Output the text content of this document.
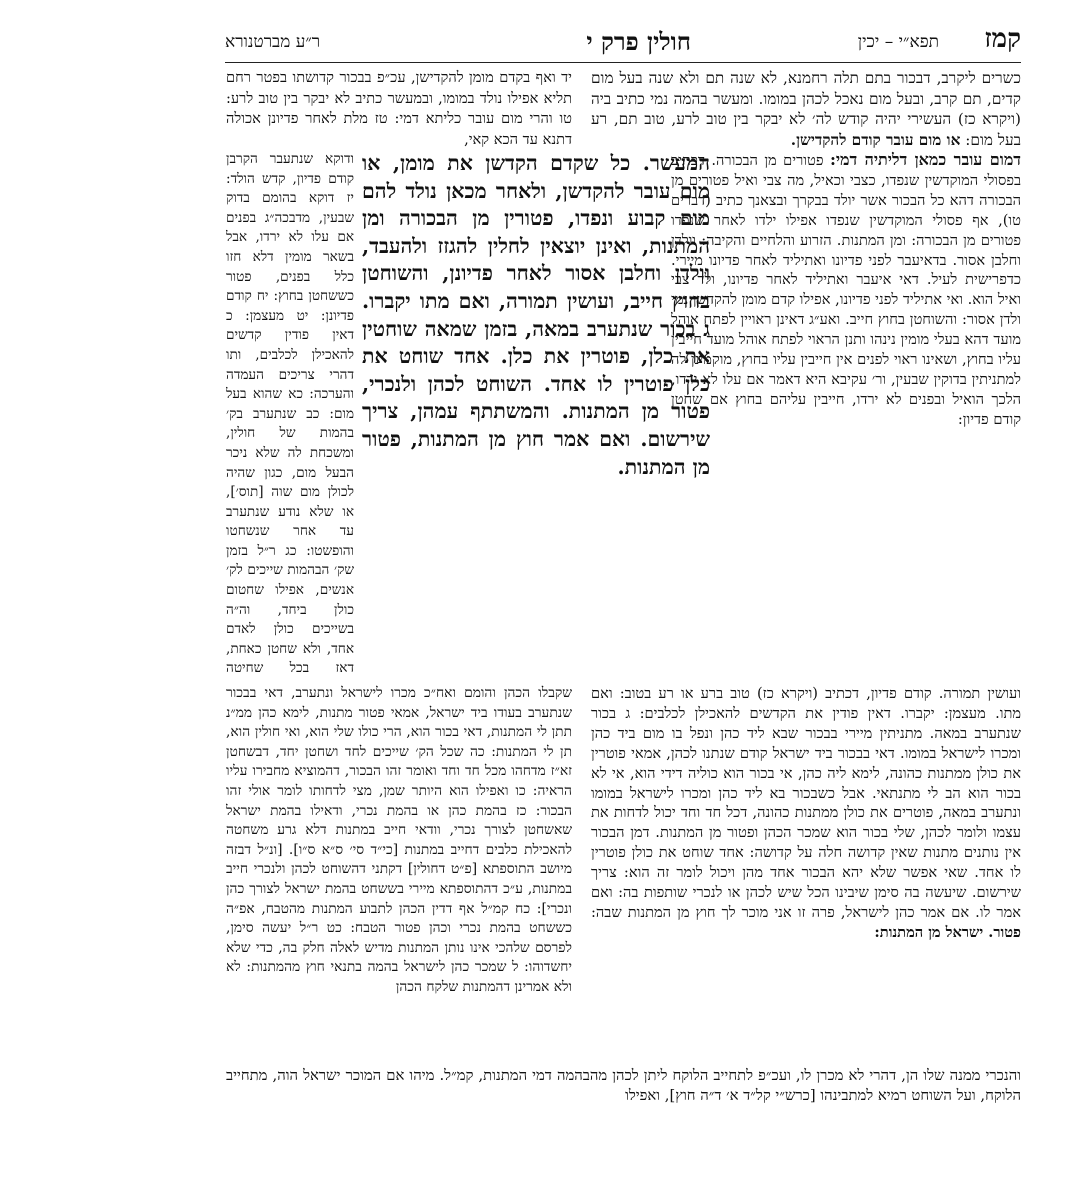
קמז
תפא״י – יכין
חולין פרק י
ר״ע מברטנורא

כשרים ליקרב, דבכור בתם תלה רחמנא, לא שנה תם ולא שנה בעל מום קדים, תם קרב, ובעל מום נאכל לכהן במומו. ומעשר בהמה נמי כתיב ביה (ויקרא כז) העשירי יהיה קודש לה׳ לא יבקר בין טוב לרע, טוב תם, רע בעל מום: או מום עובר קודם להקדישן.

יד ואף בקדם מומן להקדישן, עכ״פ בבכור קדושתו בפטר רחם תליא אפילו נולד במומו, ובמעשר כתיב לא יבקר בין טוב לרע: טו והרי מום עובר כליתא דמי: טז מלת לאחר פדיונן אכולה דתנא עד הכא קאי,

דמום עובר כמאן דליתיה דמי: פטורים מן הבכורה. דכתיב בפסולי המוקדשין שנפדו, כצבי וכאיל, מה צבי ואיל פטורים מן הבכורה דהא כל הבכור אשר יולד בבקרך ובצאנך כתיב (דברים טו), אף פסולי המוקדשין שנפדו אפילו ילדו לאחר שנפדו פטורים מן הבכורה: ומן המתנות. הזרוע והלחיים והקיבה: וולדן וחלבן אסור. בדאיעבר לפני פדיונו ואתיליד לאחר פדיונו מיירי. כדפרישית לעיל. דאי איעבר ואתיליד לאחר פדיונו, ולד צבי ואיל הוא. ואי אתיליד לפני פדיונו, אפילו קדם מומן להקדשן נמי ולדן אסור: והשוחטן בחוץ חייב. ואע״ג דאינן ראויין לפתח אוהל מועד דהא בעלי מומין נינהו ותנן הראוי לפתח אוהל מועד חייבין עליו בחוץ, ושאינו ראוי לפנים אין חייבין עליו בחוץ, מוקמינן לה למתניתין בדוקין שבעין, ור׳ עקיבא היא דאמר אם עלו לא ירדו, הלכך הואיל ובפנים לא ירדו, חייבין עליהם בחוץ אם שחטן קודם פדיון:

המעשר. כל שקדם הקדשן את מומן, או מום עובר להקדשן, ולאחר מכאן נולד להם מום קבוע ונפדו, פטורין מן הבכורה ומן המתנות, ואינן יוצאין לחלין להגזז ולהעבד, וולדן וחלבן אסור לאחר פדיונן, והשוחטן בחוץ חייב, ועושין תמורה, ואם מתו יקברו. ג בכור שנתערב במאה, בזמן שמאה שוחטין את כלן, פוטרין את כלן. אחד שוחט את כלן פוטרין לו אחד. השוחט לכהן ולנכרי, פטור מן המתנות. והמשתתף עמהן, צריך שירשום. ואם אמר חוץ מן המתנות, פטור מן המתנות.

ודוקא שנתעבר הקרבן קודם פדיון, קדש הולד: יז דוקא בהומם בדוק שבעין, מדבכה״ג בפנים אם עלו לא ירדו, אבל בשאר מומין דלא חזו כלל בפנים, פטור כששחטן בחוץ: יח קודם פדיונן: יט מעצמן: כ דאין פודין קדשים להאכילן לכלבים, ותו דהרי צריכים העמדה והערכה: כא שהוא בעל מום: כב שנתערב בק׳ בהמות של חולין, ומשכחת לה שלא ניכר הבעל מום, כגון שהיה לכולן מום שוה [תוס׳], או שלא נודע שנתערב עד אחר שנשחטו והופשטו: כג ר״ל בזמן שק׳ הבהמות שייכים לק׳ אנשים, אפילו שחטום כולן ביחד, וה״ה בשייכים כולן לאדם אחד, ולא שחטן כאחת, דאז בכל שחיטה

ועושין תמורה. קודם פדיון, דכתיב (ויקרא כז) טוב ברע או רע בטוב: ואם מתו. מעצמן: יקברו. דאין פודין את הקדשים להאכילן לכלבים: ג בכור שנתערב במאה. מתניתין מיירי בבכור שבא ליד כהן ונפל בו מום ביד כהן ומכרו לישראל במומו. דאי בבכור ביד ישראל קודם שנתנו לכהן, אמאי פוטרין את כולן ממתנות כהונה, לימא ליה כהן, אי בכור הוא כוליה דידי הוא, אי לא בכור הוא הב לי מתנתאי. אבל כשבכור בא ליד כהן ומכרו לישראל במומו ונתערב במאה, פוטרים את כולן ממתנות כהונה, דכל חד וחד יכול לדחות את עצמו ולומר לכהן, שלי בכור הוא שמכר הכהן ופטור מן המתנות. דמן הבכור אין נותנים מתנות שאין קדושה חלה על קדושה: אחד שוחט את כולן פוטרין לו אחד. שאי אפשר שלא יהא הבכור אחד מהן ויכול לומר זה הוא: צריך שירשום. שיעשה בה סימן שיבינו הכל שיש לכהן או לנכרי שותפות בה: ואם אמר לו. אם אמר כהן לישראל, פרה זו אני מוכר לך חוץ מן המתנות שבה: פטור. ישראל מן המתנות:

שקבלו הכהן והומם ואח״כ מכרו לישראל ונתערב, דאי בבכור שנתערב בעודו ביד ישראל, אמאי פטור מתנות, לימא כהן ממ״נ תתן לי המתנות, דאי בכור הוא, הרי כולו שלי הוא, ואי חולין הוא, תן לי המתנות: כה שכל הק׳ שייכים לחד ושחטן יחד, דבשחטן זא״ז מדחהו מכל חד וחד ואומר זהו הבכור, דהמוציא מחבירו עליו הראיה: כו ואפילו הוא היותר שמן, מצי לדחותו לומר אולי זהו הבכור: כז בהמת כהן או בהמת נכרי, ודאילו בהמת ישראל שאשחטן לצורך נכרי, וודאי חייב במתנות דלא גרע משחטה להאכילת כלבים דחייב במתנות [כי״ד סי׳ ס״א ס״ו]. [ונ״ל דבזה מיושב התוספתא [פ״ט דחולין] דקתני דהשוחט לכהן ולנכרי חייב במתנות, ע״כ דהתוספתא מיירי בששחט בהמת ישראל לצורך כהן ונכרי]: כח קמ״ל אף דדין הכהן לתבוע המתנות מהטבח, אפ״ה כששחט בהמת נכרי וכהן פטור הטבח: כט ר״ל יעשה סימן, לפרסם שלהכי אינו נותן המתנות מדיש לאלה חלק בה, כדי שלא יחשדוהו: ל שמכר כהן לישראל בהמה בתנאי חוץ מהמתנות: לא ולא אמרינן דהמתנות שלקח הכהן

והנכרי ממנה שלו הן, דהרי לא מכרן לו, ועכ״פ לתחייב הלוקח ליתן לכהן מהבהמה דמי המתנות, קמ״ל. מיהו אם המוכר ישראל הוה, מתחייב הלוקח, ועל השוחט רמיא למתבינהו [כרש״י קל״ד א׳ ד״ה חוץ], ואפילו
